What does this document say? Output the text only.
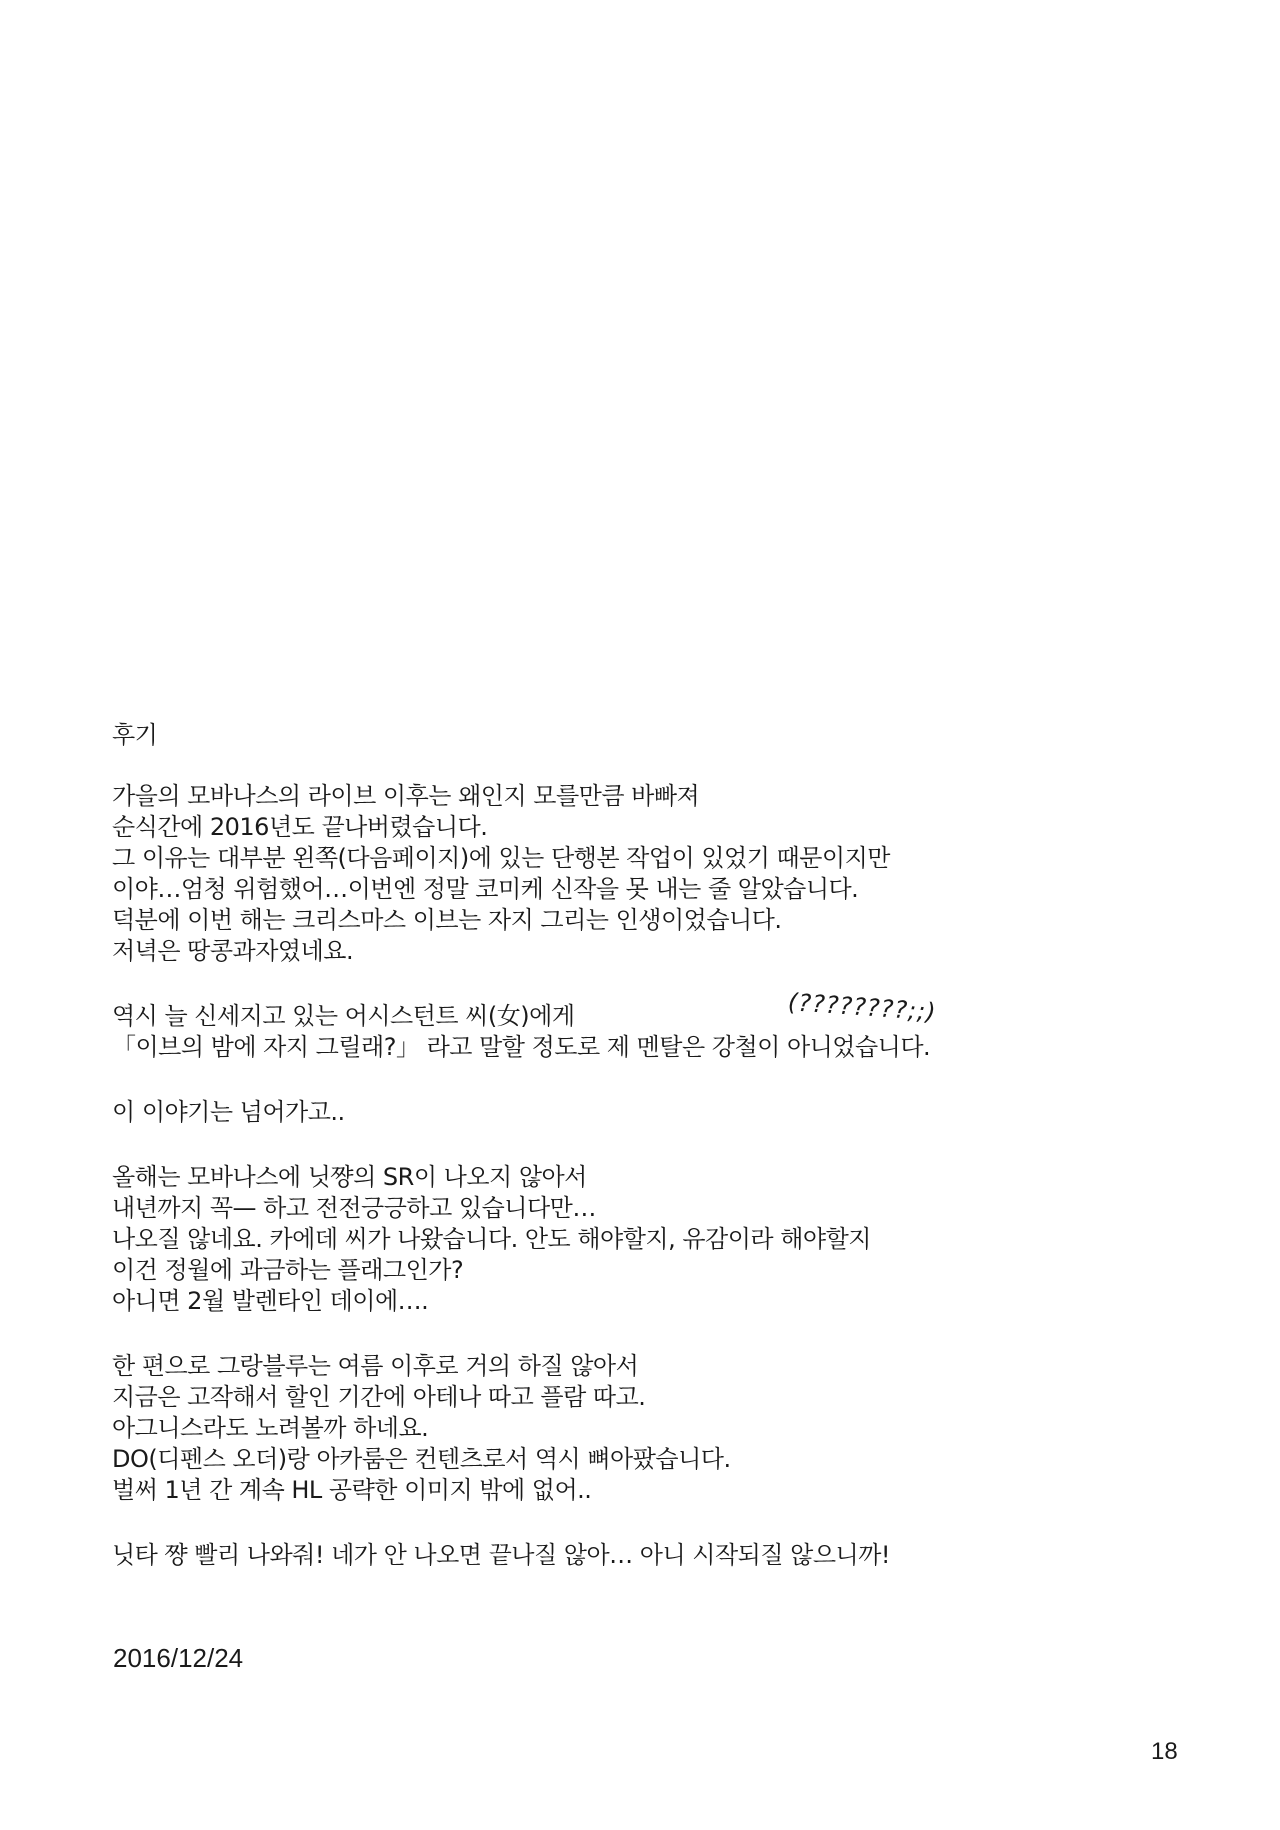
후기
가을의 모바나스의 라이브 이후는 왜인지 모를만큼 바빠져
순식간에 2016년도 끝나버렸습니다.
그 이유는 대부분 왼쪽(다음페이지)에 있는 단행본 작업이 있었기 때문이지만
이야…엄청 위험했어…이번엔 정말 코미케 신작을 못 내는 줄 알았습니다.
덕분에 이번 해는 크리스마스 이브는 자지 그리는 인생이었습니다.
저녁은 땅콩과자였네요.
역시 늘 신세지고 있는 어시스턴트 씨(女)에게
「이브의 밤에 자지 그릴래?」 라고 말할 정도로 제 멘탈은 강철이 아니었습니다.
이 이야기는 넘어가고..
올해는 모바나스에 닛쨩의 SR이 나오지 않아서
내년까지 꼭— 하고 전전긍긍하고 있습니다만…
나오질 않네요. 카에데 씨가 나왔습니다. 안도 해야할지, 유감이라 해야할지
이건 정월에 과금하는 플래그인가?
아니면 2월 발렌타인 데이에….
한 편으로 그랑블루는 여름 이후로 거의 하질 않아서
지금은 고작해서 할인 기간에 아테나 따고 플람 따고.
아그니스라도 노려볼까 하네요.
DO(디펜스 오더)랑 아카룸은 컨텐츠로서 역시 뼈아팠습니다.
벌써 1년 간 계속 HL 공략한 이미지 밖에 없어..
닛타 쨩 빨리 나와줘! 네가 안 나오면 끝나질 않아… 아니 시작되질 않으니까!
(????????;;)
2016/12/24
18
